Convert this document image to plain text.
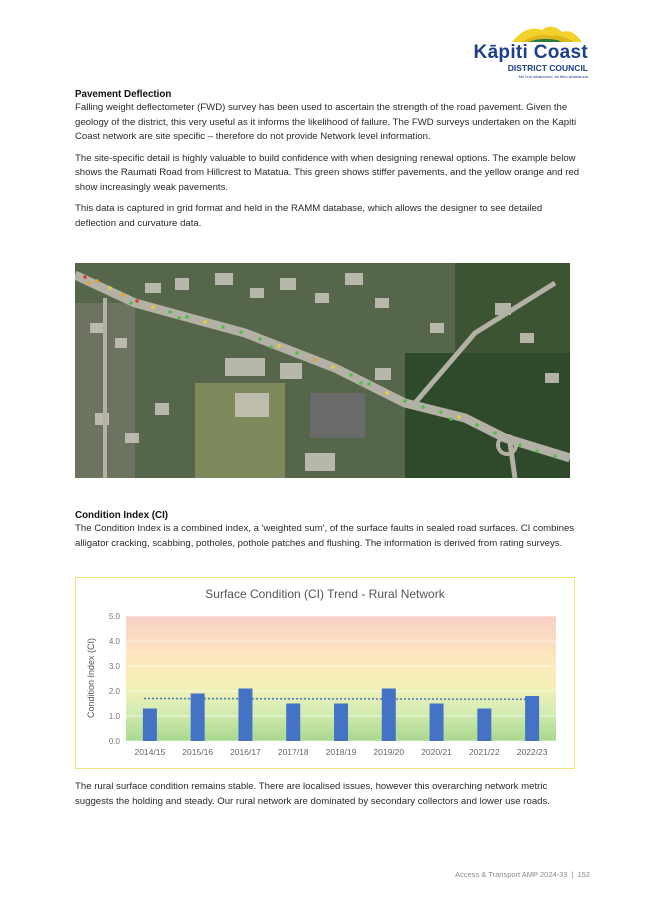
Kāpiti Coast
DISTRICT COUNCIL
Me huri whakamuri, ka titiro whakamua
Pavement Deflection

Falling weight deflectometer (FWD) survey has been used to ascertain the strength of the road pavement. Given the geology of the district, this very useful as it informs the likelihood of failure. The FWD surveys undertaken on the Kapiti Coast network are site specific – therefore do not provide Network level information.

The site-specific detail is highly valuable to build confidence with when designing renewal options. The example below shows the Raumati Road from Hillcrest to Matatua. This green shows stiffer pavements, and the yellow orange and red show increasingly weak pavements.

This data is captured in grid format and held in the RAMM database, which allows the designer to see detailed deflection and curvature data.

Condition Index (CI)

The Condition Index is a combined index, a 'weighted sum', of the surface faults in sealed road surfaces. CI combines alligator cracking, scabbing, potholes, pothole patches and flushing. The information is derived from rating surveys.

Surface Condition (CI) Trend - Rural Network
Condition Index (CI)
0.0
1.0
2.0
3.0
4.0
5.0
2014/15 2015/16 2016/17 2017/18 2018/19 2019/20 2020/21 2021/22 2022/23

The rural surface condition remains stable. There are localised issues, however this overarching network metric suggests the holding and steady. Our rural network are dominated by secondary collectors and lower use roads.

Access & Transport AMP 2024-33 | 152
